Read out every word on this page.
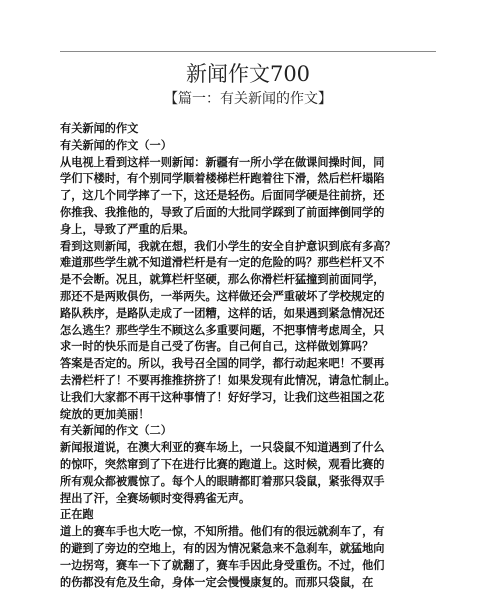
新闻作文700
【篇一：有关新闻的作文】
有关新闻的作文
有关新闻的作文（一）
从电视上看到这样一则新闻：新疆有一所小学在做课间操时间，同
学们下楼时，有个别同学顺着楼梯栏杆跑着往下滑，然后栏杆塌陷
了，这几个同学摔了一下，这还是轻伤。后面同学硬是往前挤，还
你推我、我推他的，导致了后面的大批同学踩到了前面摔倒同学的
身上，导致了严重的后果。
看到这则新闻，我就在想，我们小学生的安全自护意识到底有多高？
难道那些学生就不知道滑栏杆是有一定的危险的吗？那些栏杆又不
是不会断。况且，就算栏杆坚硬，那么你滑栏杆猛撞到前面同学，
那还不是两败俱伤，一举两失。这样做还会严重破坏了学校规定的
路队秩序，是路队走成了一团糟，这样的话，如果遇到紧急情况还
怎么逃生？那些学生不顾这么多重要问题，不把事情考虑周全，只
求一时的快乐而是自己受了伤害。自己何自己，这样做划算吗？
答案是否定的。所以，我号召全国的同学，都行动起来吧！不要再
去滑栏杆了！不要再推推挤挤了！如果发现有此情况，请急忙制止。
让我们大家都不再干这种事情了！好好学习，让我们这些祖国之花
绽放的更加美丽！
有关新闻的作文（二）
新闻报道说，在澳大利亚的赛车场上，一只袋鼠不知道遇到了什么
的惊吓，突然窜到了下在进行比赛的跑道上。这时候，观看比赛的
所有观众都被震惊了。每个人的眼睛都盯着那只袋鼠，紧张得双手
捏出了汗，全赛场顿时变得鸦雀无声。
正在跑
道上的赛车手也大吃一惊，不知所措。他们有的很远就刹车了，有
的避到了旁边的空地上，有的因为情况紧急来不急刹车，就猛地向
一边拐弯，赛车一下了就翻了，赛车手因此身受重伤。不过，他们
的伤都没有危及生命，身体一定会慢慢康复的。而那只袋鼠，在
